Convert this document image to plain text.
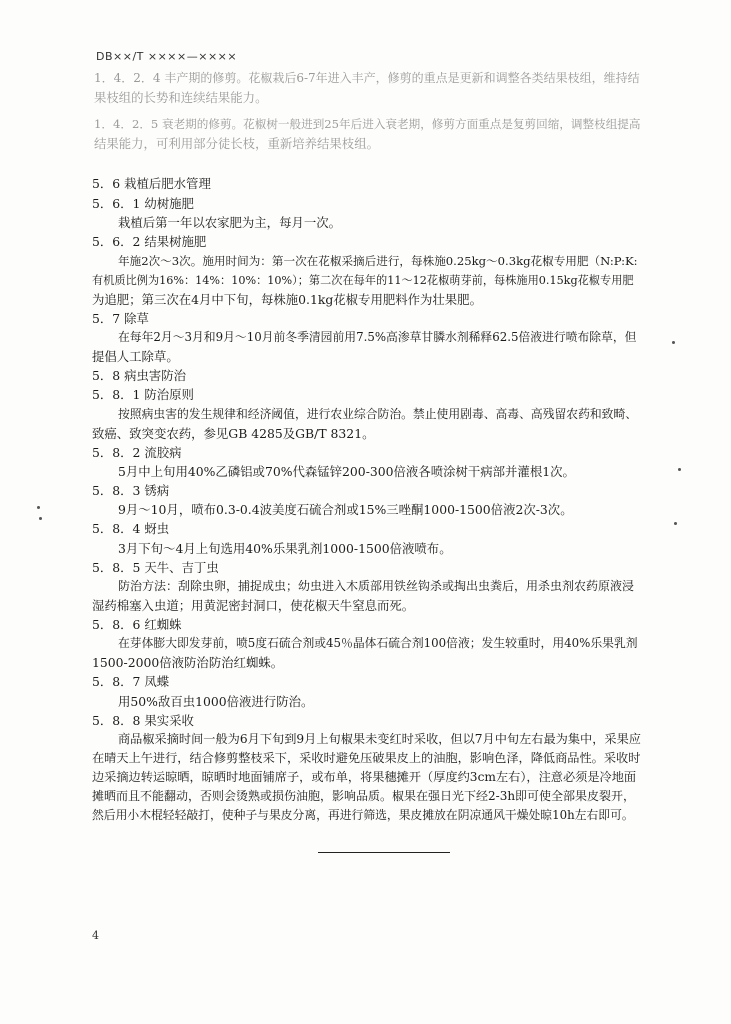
DB××/T ××××—××××
1．4．2．4 丰产期的修剪。花椒栽后6-7年进入丰产，修剪的重点是更新和调整各类结果枝组，维持结
果枝组的长势和连续结果能力。
1．4．2．5 衰老期的修剪。花椒树一般进到25年后进入衰老期，修剪方面重点是复剪回缩，调整枝组提高
结果能力，可利用部分徒长枝，重新培养结果枝组。
5．6 栽植后肥水管理
5．6．1 幼树施肥
栽植后第一年以农家肥为主，每月一次。
5．6．2 结果树施肥
年施2次～3次。施用时间为：第一次在花椒采摘后进行，每株施0.25kg～0.3kg花椒专用肥（N:P:K:
有机质比例为16%：14%：10%：10%）；第二次在每年的11～12花椒萌芽前，每株施用0.15kg花椒专用肥
为追肥；第三次在4月中下旬，每株施0.1kg花椒专用肥料作为壮果肥。
5．7 除草
在每年2月～3月和9月～10月前冬季清园前用7.5%高渗草甘膦水剂稀释62.5倍液进行喷布除草，但
提倡人工除草。
5．8 病虫害防治
5．8．1 防治原则
按照病虫害的发生规律和经济阈值，进行农业综合防治。禁止使用剧毒、高毒、高残留农药和致畸、
致癌、致突变农药，参见GB 4285及GB/T 8321。
5．8．2 流胶病
5月中上旬用40%乙磷铝或70%代森锰锌200-300倍液各喷涂树干病部并灌根1次。
5．8．3 锈病
9月～10月，喷布0.3-0.4波美度石硫合剂或15%三唑酮1000-1500倍液2次-3次。
5．8．4 蚜虫
3月下旬～4月上旬选用40%乐果乳剂1000-1500倍液喷布。
5．8．5 天牛、吉丁虫
防治方法：刮除虫卵，捕捉成虫；幼虫进入木质部用铁丝钩杀或掏出虫粪后，用杀虫剂农药原液浸
湿药棉塞入虫道；用黄泥密封洞口，使花椒天牛窒息而死。
5．8．6 红蜘蛛
在芽体膨大即发芽前，喷5度石硫合剂或45％晶体石硫合剂100倍液；发生较重时，用40%乐果乳剂
1500-2000倍液防治防治红蜘蛛。
5．8．7 凤蝶
用50%敌百虫1000倍液进行防治。
5．8．8 果实采收
商品椒采摘时间一般为6月下旬到9月上旬椒果未变红时采收，但以7月中旬左右最为集中，采果应
在晴天上午进行，结合修剪整枝采下，采收时避免压破果皮上的油胞，影响色泽，降低商品性。采收时
边采摘边转运晾晒，晾晒时地面铺席子，或布单，将果穗摊开（厚度约3cm左右），注意必须是冷地面
摊晒而且不能翻动，否则会烫熟或损伤油胞，影响品质。椒果在强日光下经2-3h即可使全部果皮裂开，
然后用小木棍轻轻敲打，使种子与果皮分离，再进行筛选，果皮摊放在阴凉通风干燥处晾10h左右即可。
4
